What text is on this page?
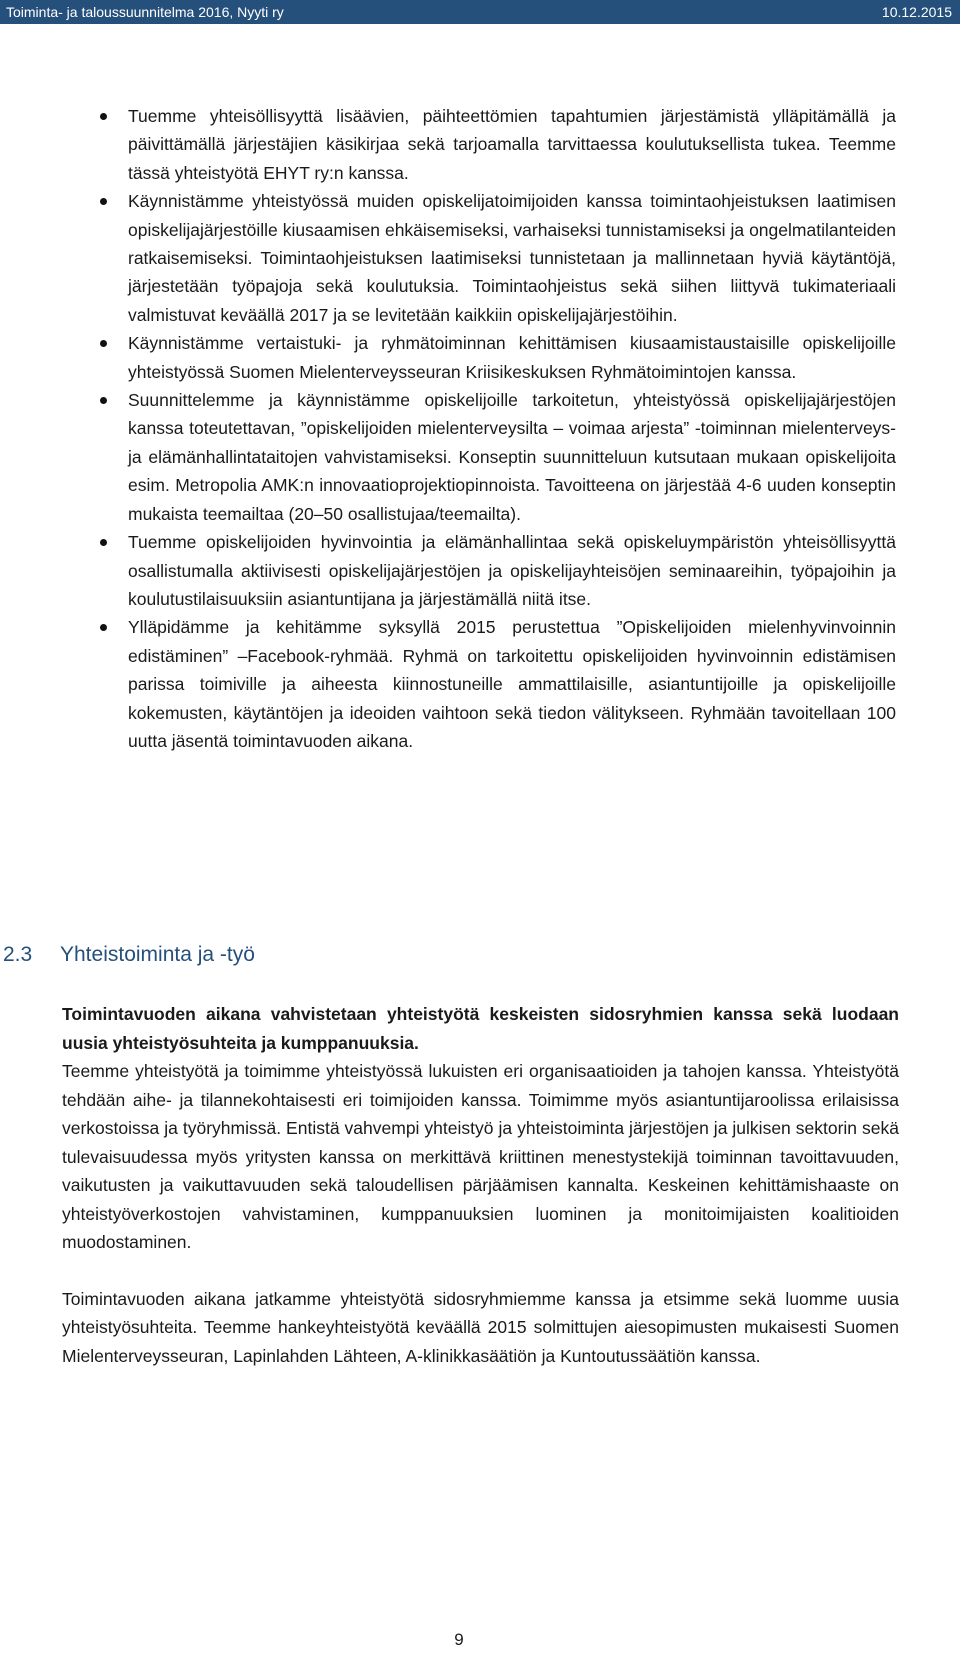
Toiminta- ja taloussuunnitelma 2016, Nyyti ry	10.12.2015
Tuemme yhteisöllisyyttä lisäävien, päihteettömien tapahtumien järjestämistä ylläpitämällä ja päivittämällä järjestäjien käsikirjaa sekä tarjoamalla tarvittaessa koulutuksellista tukea. Teemme tässä yhteistyötä EHYT ry:n kanssa.
Käynnistämme yhteistyössä muiden opiskelijatoimijoiden kanssa toimintaohjeistuksen laatimisen opiskelijajärjestöille kiusaamisen ehkäisemiseksi, varhaiseksi tunnistamiseksi ja ongelmatilanteiden ratkaisemiseksi. Toimintaohjeistuksen laatimiseksi tunnistetaan ja mallinnetaan hyviä käytäntöjä, järjestetään työpajoja sekä koulutuksia. Toimintaohjeistus sekä siihen liittyvä tukimateriaali valmistuvat keväällä 2017 ja se levitetään kaikkiin opiskelijajärjestöihin.
Käynnistämme vertaistuki- ja ryhmätoiminnan kehittämisen kiusaamistaustaisille opiskelijoille yhteistyössä Suomen Mielenterveysseuran Kriisikeskuksen Ryhmätoimintojen kanssa.
Suunnittelemme ja käynnistämme opiskelijoille tarkoitetun, yhteistyössä opiskelijajärjestöjen kanssa toteutettavan, ”opiskelijoiden mielenterveysilta – voimaa arjesta” -toiminnan mielenterveys- ja elämänhallintataitojen vahvistamiseksi. Konseptin suunnitteluun kutsutaan mukaan opiskelijoita esim. Metropolia AMK:n innovaatioprojektiopinnoista. Tavoitteena on järjestää 4-6 uuden konseptin mukaista teemailtaa (20–50 osallistujaa/teemailta).
Tuemme opiskelijoiden hyvinvointia ja elämänhallintaa sekä opiskeluympäristön yhteisöllisyyttä osallistumalla aktiivisesti opiskelijajärjestöjen ja opiskelijayhteisöjen seminaareihin, työpajoihin ja koulutustilaisuuksiin asiantuntijana ja järjestämällä niitä itse.
Ylläpidämme ja kehitämme syksyllä 2015 perustettua ”Opiskelijoiden mielenhyvinvoinnin edistäminen” –Facebook-ryhmää. Ryhmä on tarkoitettu opiskelijoiden hyvinvoinnin edistämisen parissa toimiville ja aiheesta kiinnostuneille ammattilaisille, asiantuntijoille ja opiskelijoille kokemusten, käytäntöjen ja ideoiden vaihtoon sekä tiedon välitykseen. Ryhmään tavoitellaan 100 uutta jäsentä toimintavuoden aikana.
2.3 Yhteistoiminta ja -työ

Toimintavuoden aikana vahvistetaan yhteistyötä keskeisten sidosryhmien kanssa sekä luodaan uusia yhteistyösuhteita ja kumppanuuksia.

Teemme yhteistyötä ja toimimme yhteistyössä lukuisten eri organisaatioiden ja tahojen kanssa. Yhteistyötä tehdään aihe- ja tilannekohtaisesti eri toimijoiden kanssa. Toimimme myös asiantuntijaroolissa erilaisissa verkostoissa ja työryhmissä. Entistä vahvempi yhteistyö ja yhteistoiminta järjestöjen ja julkisen sektorin sekä tulevaisuudessa myös yritysten kanssa on merkittävä kriittinen menestystekijä toiminnan tavoittavuuden, vaikutusten ja vaikuttavuuden sekä taloudellisen pärjäämisen kannalta. Keskeinen kehittämishaaste on yhteistyöverkostojen vahvistaminen, kumppanuuksien luominen ja monitoimijaisten koalitioiden muodostaminen.

Toimintavuoden aikana jatkamme yhteistyötä sidosryhmiemme kanssa ja etsimme sekä luomme uusia yhteistyösuhteita. Teemme hankeyhteistyötä keväällä 2015 solmittujen aiesopimusten mukaisesti Suomen Mielenterveysseuran, Lapinlahden Lähteen, A-klinikkasäätiön ja Kuntoutussäätiön kanssa.

9
